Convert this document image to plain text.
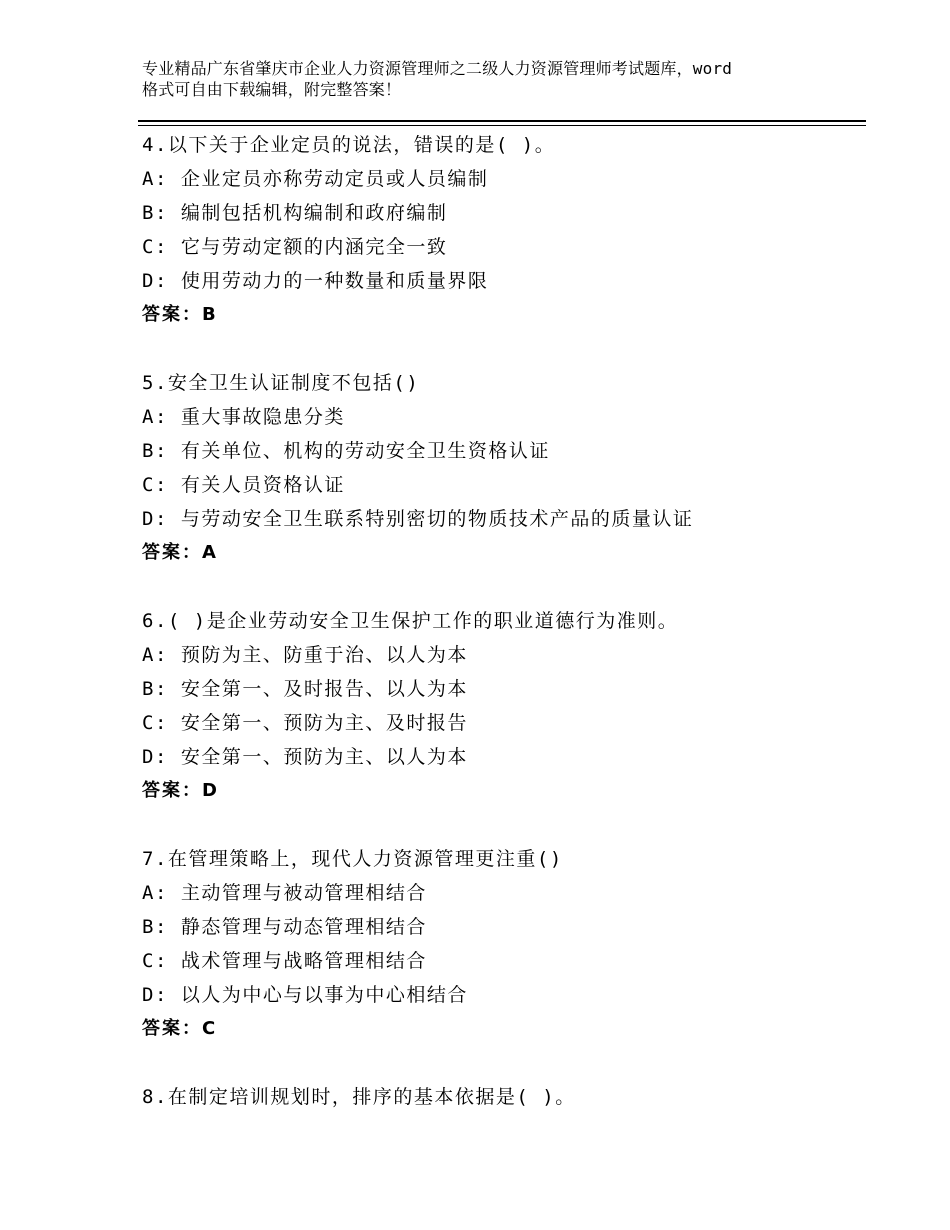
专业精品广东省肇庆市企业人力资源管理师之二级人力资源管理师考试题库，word
格式可自由下载编辑，附完整答案！
4.以下关于企业定员的说法，错误的是( )。
A: 企业定员亦称劳动定员或人员编制
B: 编制包括机构编制和政府编制
C: 它与劳动定额的内涵完全一致
D: 使用劳动力的一种数量和质量界限
答案：B
5.安全卫生认证制度不包括()
A: 重大事故隐患分类
B: 有关单位、机构的劳动安全卫生资格认证
C: 有关人员资格认证
D: 与劳动安全卫生联系特别密切的物质技术产品的质量认证
答案：A
6.( )是企业劳动安全卫生保护工作的职业道德行为准则。
A: 预防为主、防重于治、以人为本
B: 安全第一、及时报告、以人为本
C: 安全第一、预防为主、及时报告
D: 安全第一、预防为主、以人为本
答案：D
7.在管理策略上，现代人力资源管理更注重()
A: 主动管理与被动管理相结合
B: 静态管理与动态管理相结合
C: 战术管理与战略管理相结合
D: 以人为中心与以事为中心相结合
答案：C
8.在制定培训规划时，排序的基本依据是( )。
